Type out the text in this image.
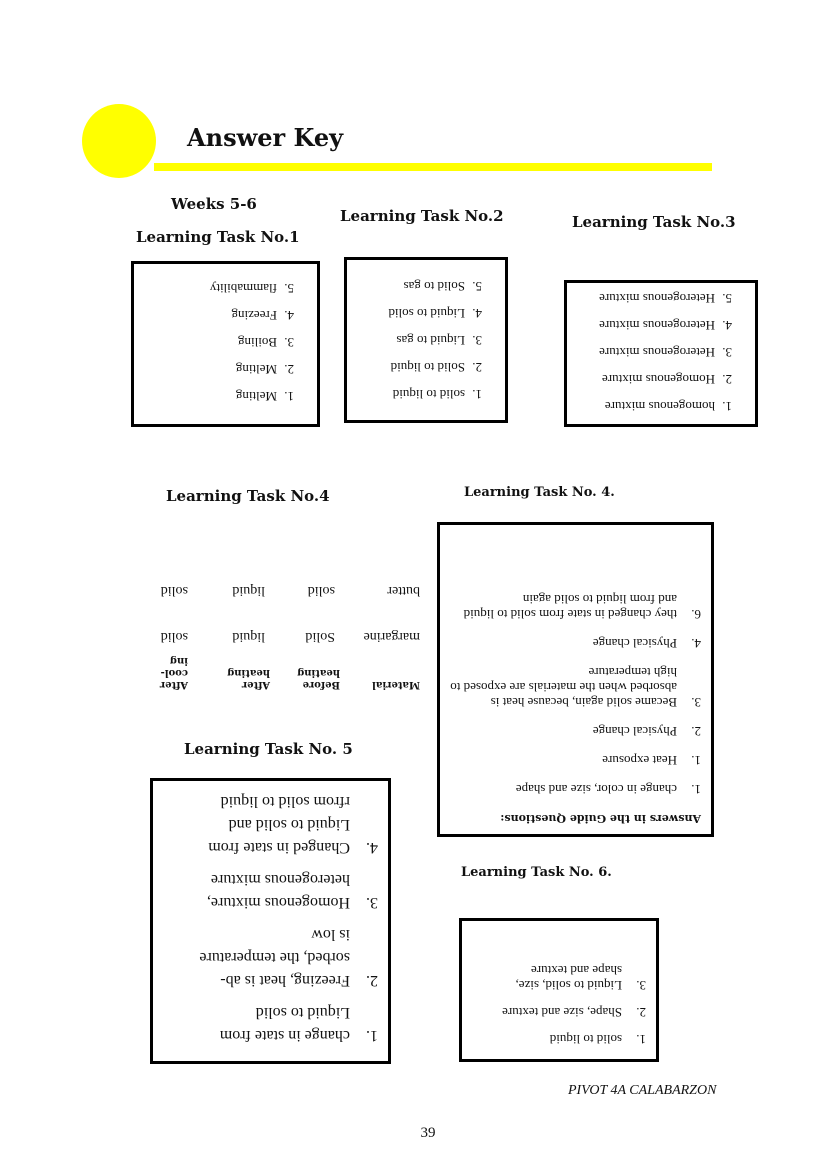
Answer Key
Weeks 5-6
Learning Task No.1
Learning Task No.2	Learning Task No.3
1. Melting
2. Melting
3. Boiling
4. Freezing
5. flammability
1. solid to liquid
2. Solid to liquid
3. Liquid to gas
4. Liquid to solid
5. Solid to gas
1. homogenous mixture
2. Homogenous mixture
3. Heterogenous mixture
4. Heterogenous mixture
5. Heterogenous mixture
Learning Task No.4
Material
Before
heating
After
heating
After
cool-
ing
margarine
Solid
liquid
solid
butter
solid
liquid
solid
Learning Task No. 4.
Answers in the Guide Questions:
1.
change in color, size and shape
1.
Heat exposure
2.
Physical change
3.
Became solid again, because heat is absorbed when the materials are exposed to high temperature
4.
Physical change
6.
they changed in state from solid to liquid and from liquid to solid again
Learning Task No. 5
1.
change in state from
Liquid to solid
2.
Freezing, heat is ab-
sorbed, the temperature
is low
3.
Homogenous mixture,
heterogenous mixture
4.
Changed in state from
Liquid to solid and
rfrom solid to liquid
Learning Task No. 6.
1.
solid to liquid
2.
Shape, size and texture
3.
Liquid to solid, size,
shape and texture
PIVOT 4A CALABARZON
39
